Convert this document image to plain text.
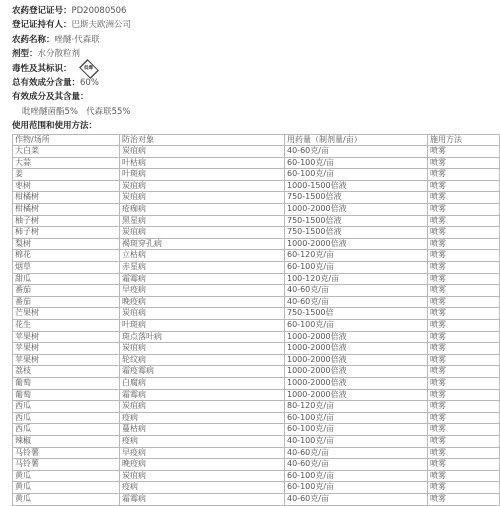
农药登记证号：PD20080506
登记证持有人：巴斯夫欧洲公司
农药名称：唑醚·代森联
剂型：水分散粒剂
毒性及其标识：	低毒
总有效成分含量：60%
有效成分及其含量：
吡唑醚菌酯5% 代森联55%
使用范围和使用方法：
作物/场所	防治对象	用药量（制剂量/亩）	施用方法
大白菜	炭疽病	40-60克/亩	喷雾
大蒜	叶枯病	60-100克/亩	喷雾
姜	叶斑病	60-100克/亩	喷雾
枣树	炭疽病	1000-1500倍液	喷雾
柑橘树	炭疽病	750-1500倍液	喷雾
柑橘树	疮痂病	1000-2000倍液	喷雾
柚子树	黑星病	750-1500倍液	喷雾
柿子树	炭疽病	750-1500倍液	喷雾
梨树	褐斑穿孔病	1000-2000倍液	喷雾
棉花	立枯病	60-120克/亩	喷雾
烟草	赤星病	60-100克/亩	喷雾
甜瓜	霜霉病	100-120克/亩	喷雾
番茄	早疫病	40-60克/亩	喷雾
番茄	晚疫病	40-60克/亩	喷雾
芒果树	炭疽病	750-1500倍	喷雾
花生	叶斑病	60-100克/亩	喷雾
苹果树	斑点落叶病	1000-2000倍液	喷雾
苹果树	炭疽病	1000-2000倍液	喷雾
苹果树	轮纹病	1000-2000倍液	喷雾
荔枝	霜疫霉病	1000-2000倍液	喷雾
葡萄	白腐病	1000-2000倍液	喷雾
葡萄	霜霉病	1000-2000倍液	喷雾
西瓜	炭疽病	80-120克/亩	喷雾
西瓜	疫病	60-100克/亩	喷雾
西瓜	蔓枯病	60-100克/亩	喷雾
辣椒	疫病	40-100克/亩	喷雾
马铃薯	早疫病	40-60克/亩	喷雾
马铃薯	晚疫病	40-60克/亩	喷雾
黄瓜	炭疽病	60-100克/亩	喷雾
黄瓜	疫病	60-100克/亩	喷雾
黄瓜	霜霉病	40-60克/亩	喷雾
